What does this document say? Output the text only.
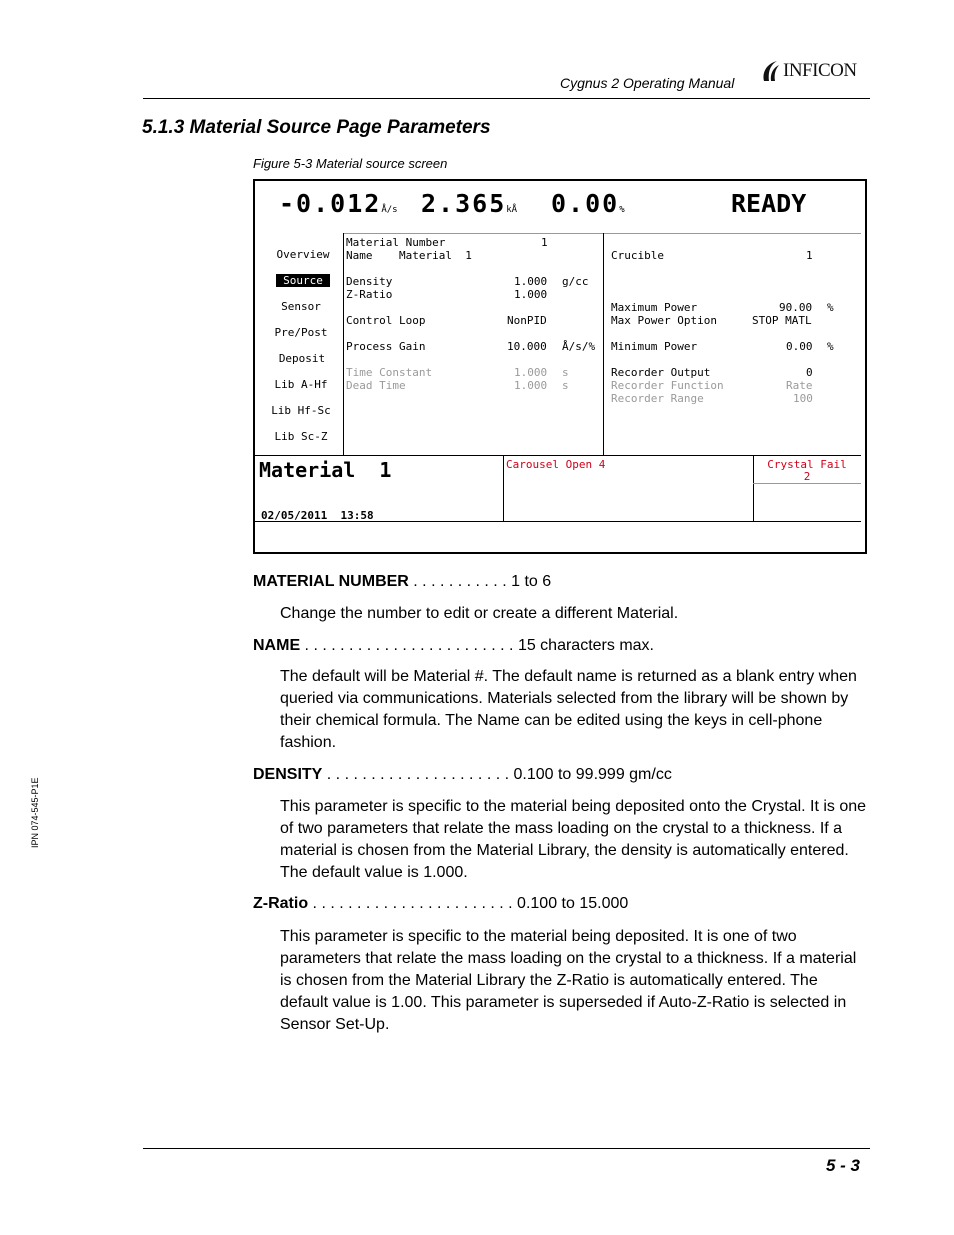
Cygnus 2 Operating Manual
INFICON
5.1.3 Material Source Page Parameters
Figure 5-3 Material source screen
-0.012Å/s 2.365kÅ 0.00%	READY
Overview
Source
Sensor
Pre/Post
Deposit
Lib A-Hf
Lib Hf-Sc
Lib Sc-Z
Material Number	1
Name    Material  1
Density	1.000 g/cc
Z-Ratio	1.000
Control Loop	NonPID
Process Gain	10.000 Å/s/%
Time Constant	1.000 s
Dead Time	1.000 s
Crucible	1
Maximum Power	90.00 %
Max Power Option	STOP MATL
Minimum Power	0.00 %
Recorder Output	0
Recorder Function	Rate
Recorder Range	100
Material  1
02/05/2011  13:58
Carousel Open 4	Crystal Fail
2
MATERIAL NUMBER . . . . . . . . . . . 1 to 6
Change the number to edit or create a different Material.
NAME . . . . . . . . . . . . . . . . . . . . . . . . 15 characters max.
The default will be Material #. The default name is returned as a blank entry when queried via communications. Materials selected from the library will be shown by their chemical formula. The Name can be edited using the keys in cell-phone fashion.
DENSITY . . . . . . . . . . . . . . . . . . . . . 0.100 to 99.999 gm/cc
This parameter is specific to the material being deposited onto the Crystal. It is one of two parameters that relate the mass loading on the crystal to a thickness. If a material is chosen from the Material Library, the density is automatically entered. The default value is 1.000.
Z-Ratio . . . . . . . . . . . . . . . . . . . . . . . 0.100 to 15.000
This parameter is specific to the material being deposited. It is one of two parameters that relate the mass loading on the crystal to a thickness. If a material is chosen from the Material Library the Z-Ratio is automatically entered. The default value is 1.00. This parameter is superseded if Auto-Z-Ratio is selected in Sensor Set-Up.
IPN 074-545-P1E
5 - 3
